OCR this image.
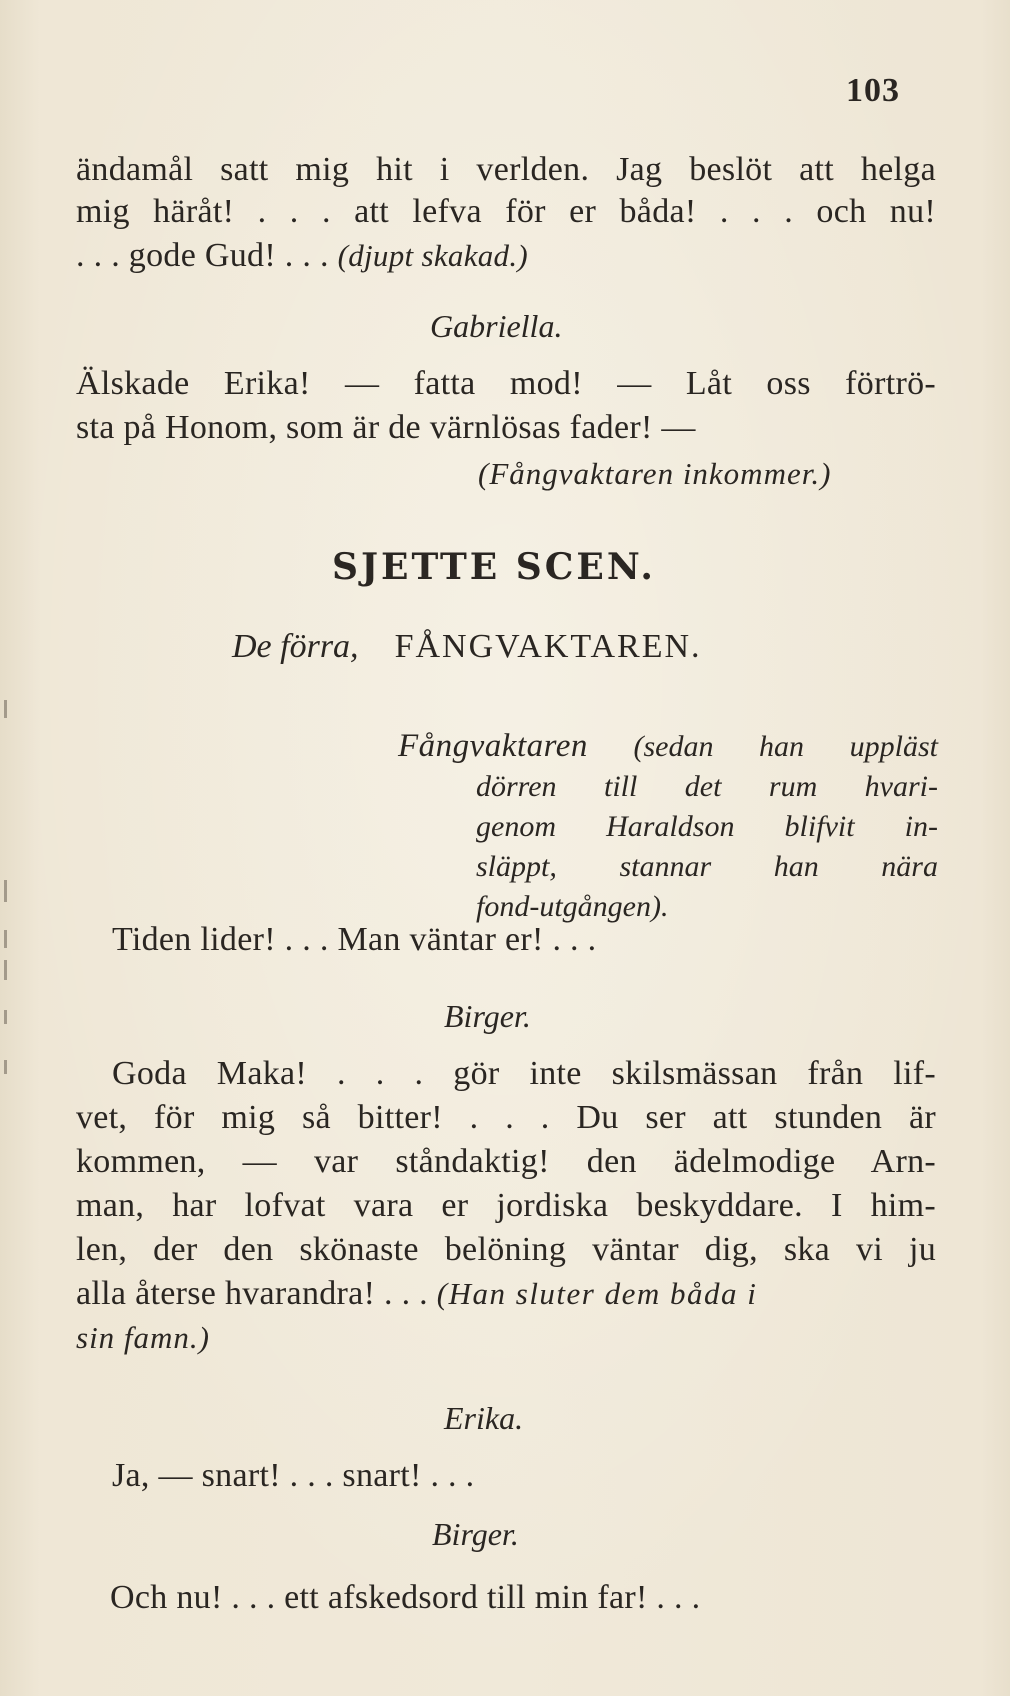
103
ändamål satt mig hit i verlden. Jag beslöt att helga
mig häråt! . . . att lefva för er båda! . . . och nu!
. . . gode Gud! . . . (djupt skakad.)
Gabriella.
Älskade Erika! — fatta mod! — Låt oss förtrö-
sta på Honom, som är de värnlösas fader! —
(Fångvaktaren inkommer.)
SJETTE SCEN.
De förra, FÅNGVAKTAREN.
Fångvaktaren (sedan han uppläst
dörren till det rum hvari-
genom Haraldson blifvit in-
släppt, stannar han nära
fond-utgången).
Tiden lider! . . . Man väntar er! . . .
Birger.
Goda Maka! . . . gör inte skilsmässan från lif-
vet, för mig så bitter! . . . Du ser att stunden är
kommen, — var ståndaktig! den ädelmodige Arn-
man, har lofvat vara er jordiska beskyddare. I him-
len, der den skönaste belöning väntar dig, ska vi ju
alla återse hvarandra! . . . (Han sluter dem båda i
sin famn.)
Erika.
Ja, — snart! . . . snart! . . .
Birger.
Och nu! . . . ett afskedsord till min far! . . .
